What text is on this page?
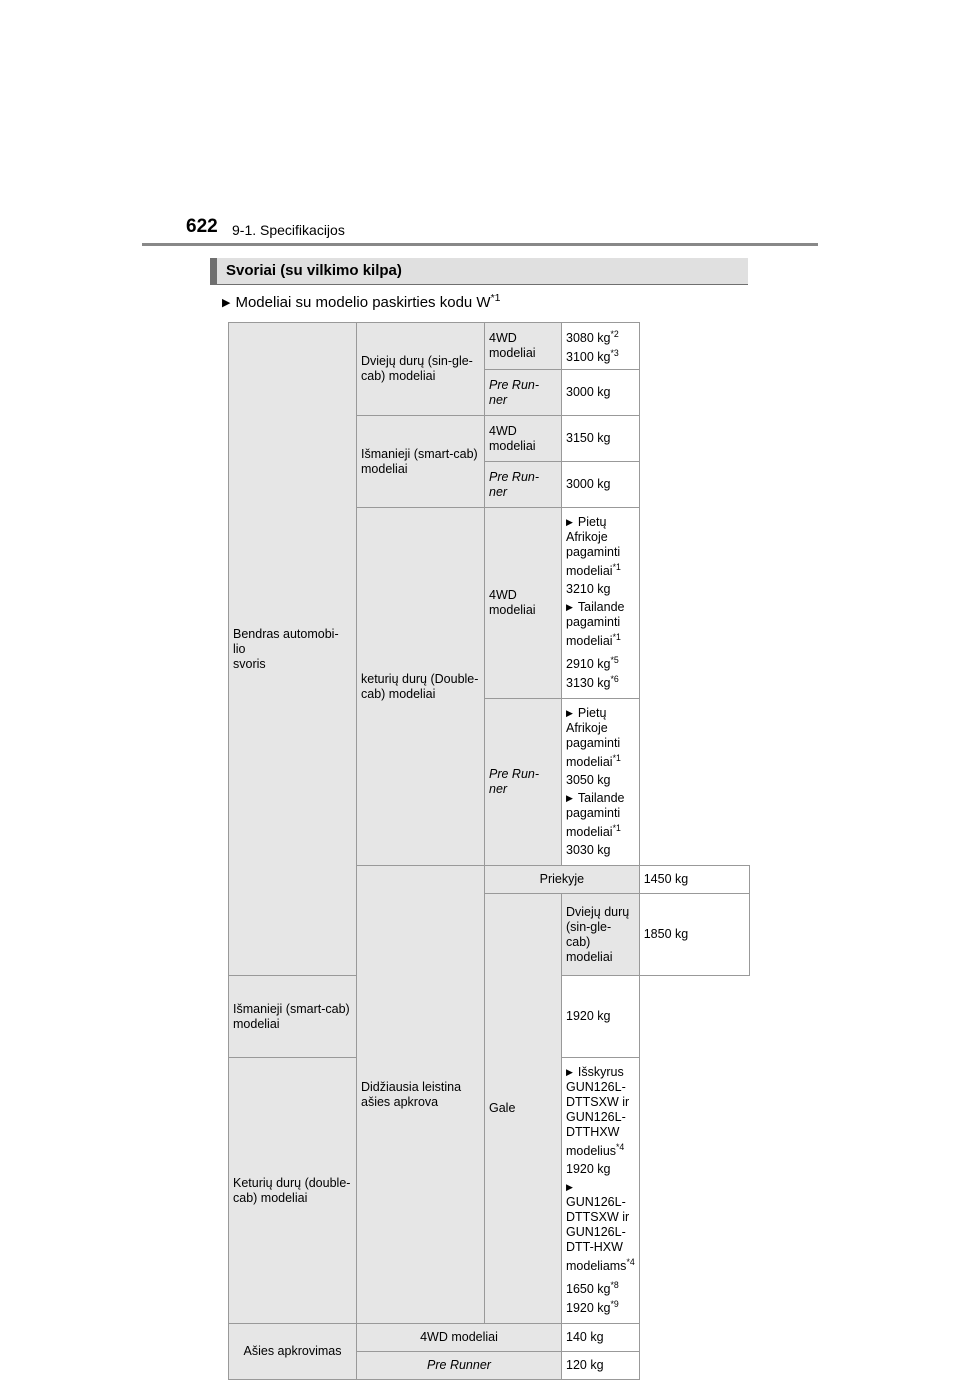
622 9-1. Specifikacijos
Svoriai (su vilkimo kilpa)
▶ Modeliai su modelio paskirties kodu $W^{*1}$
Bendras automobi-
lio
svoris	Dviejų durų (sin-gle-cab) modeliai	4WD modeliai	3080 $kg^{*2}$
3100 $kg^{*3}$
		Pre Run-ner	3000 kg	
	Išmanieji (smart-cab) modeliai	4WD modeliai	3150 kg	
		Pre Run-ner	3000 kg	
	keturių durų (Double-cab) modeliai	4WD modeliai	▶ Pietų Afrikoje pagaminti modeliai$^{*1}$

3210 kg

▶ Tailande pagaminti modeliai$^{*1}$

2910 $kg^{*5}$
3130 $kg^{*6}$

		Pre Run-ner	▶ Pietų Afrikoje pagaminti modeliai$^{*1}$

3050 kg

▶ Tailande pagaminti modeliai$^{*1}$

3030 kg	

	Didžiausia leistina ašies apkrova	Priekyje		1450 kg
		Gale	Dviejų durų (sin-gle-cab) modeliai	1850 kg
Išmanieji (smart-cab) modeliai			1920 kg	
Keturių durų (double-cab) modeliai			▶ Išskyrus GUN126L-DTTSXW ir GUN126L-DTTHXW modelius$^{*4}$

1920 kg

▶GUN126L-DTTSXW ir GUN126L-DTT-HXW modeliams$^{*4}$

1650 $kg^{*8}$
1920 $kg^{*9}$

Ašies apkrovimas	4WD modeliai		140 kg	
	Pre Runner		120 kg	
